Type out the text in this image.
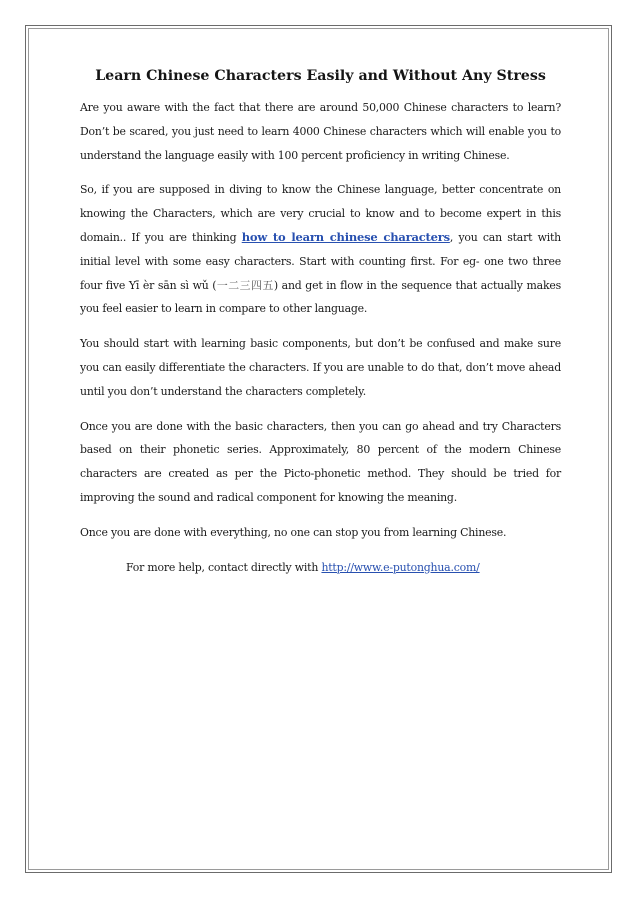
Learn Chinese Characters Easily and Without Any Stress

Are you aware with the fact that there are around 50,000 Chinese characters to learn? Don’t be scared, you just need to learn 4000 Chinese characters which will enable you to understand the language easily with 100 percent proficiency in writing Chinese.

So, if you are supposed in diving to know the Chinese language, better concentrate on knowing the Characters, which are very crucial to know and to become expert in this domain.. If you are thinking how to learn chinese characters, you can start with initial level with some easy characters. Start with counting first. For eg- one two three four five Yī èr sān sì wǔ (一二三四五) and get in flow in the sequence that actually makes you feel easier to learn in compare to other language.

You should start with learning basic components, but don’t be confused and make sure you can easily differentiate the characters. If you are unable to do that, don’t move ahead until you don’t understand the characters completely.

Once you are done with the basic characters, then you can go ahead and try Characters based on their phonetic series. Approximately, 80 percent of the modern Chinese characters are created as per the Picto-phonetic method. They should be tried for improving the sound and radical component for knowing the meaning.

Once you are done with everything, no one can stop you from learning Chinese.

For more help, contact directly with http://www.e-putonghua.com/
